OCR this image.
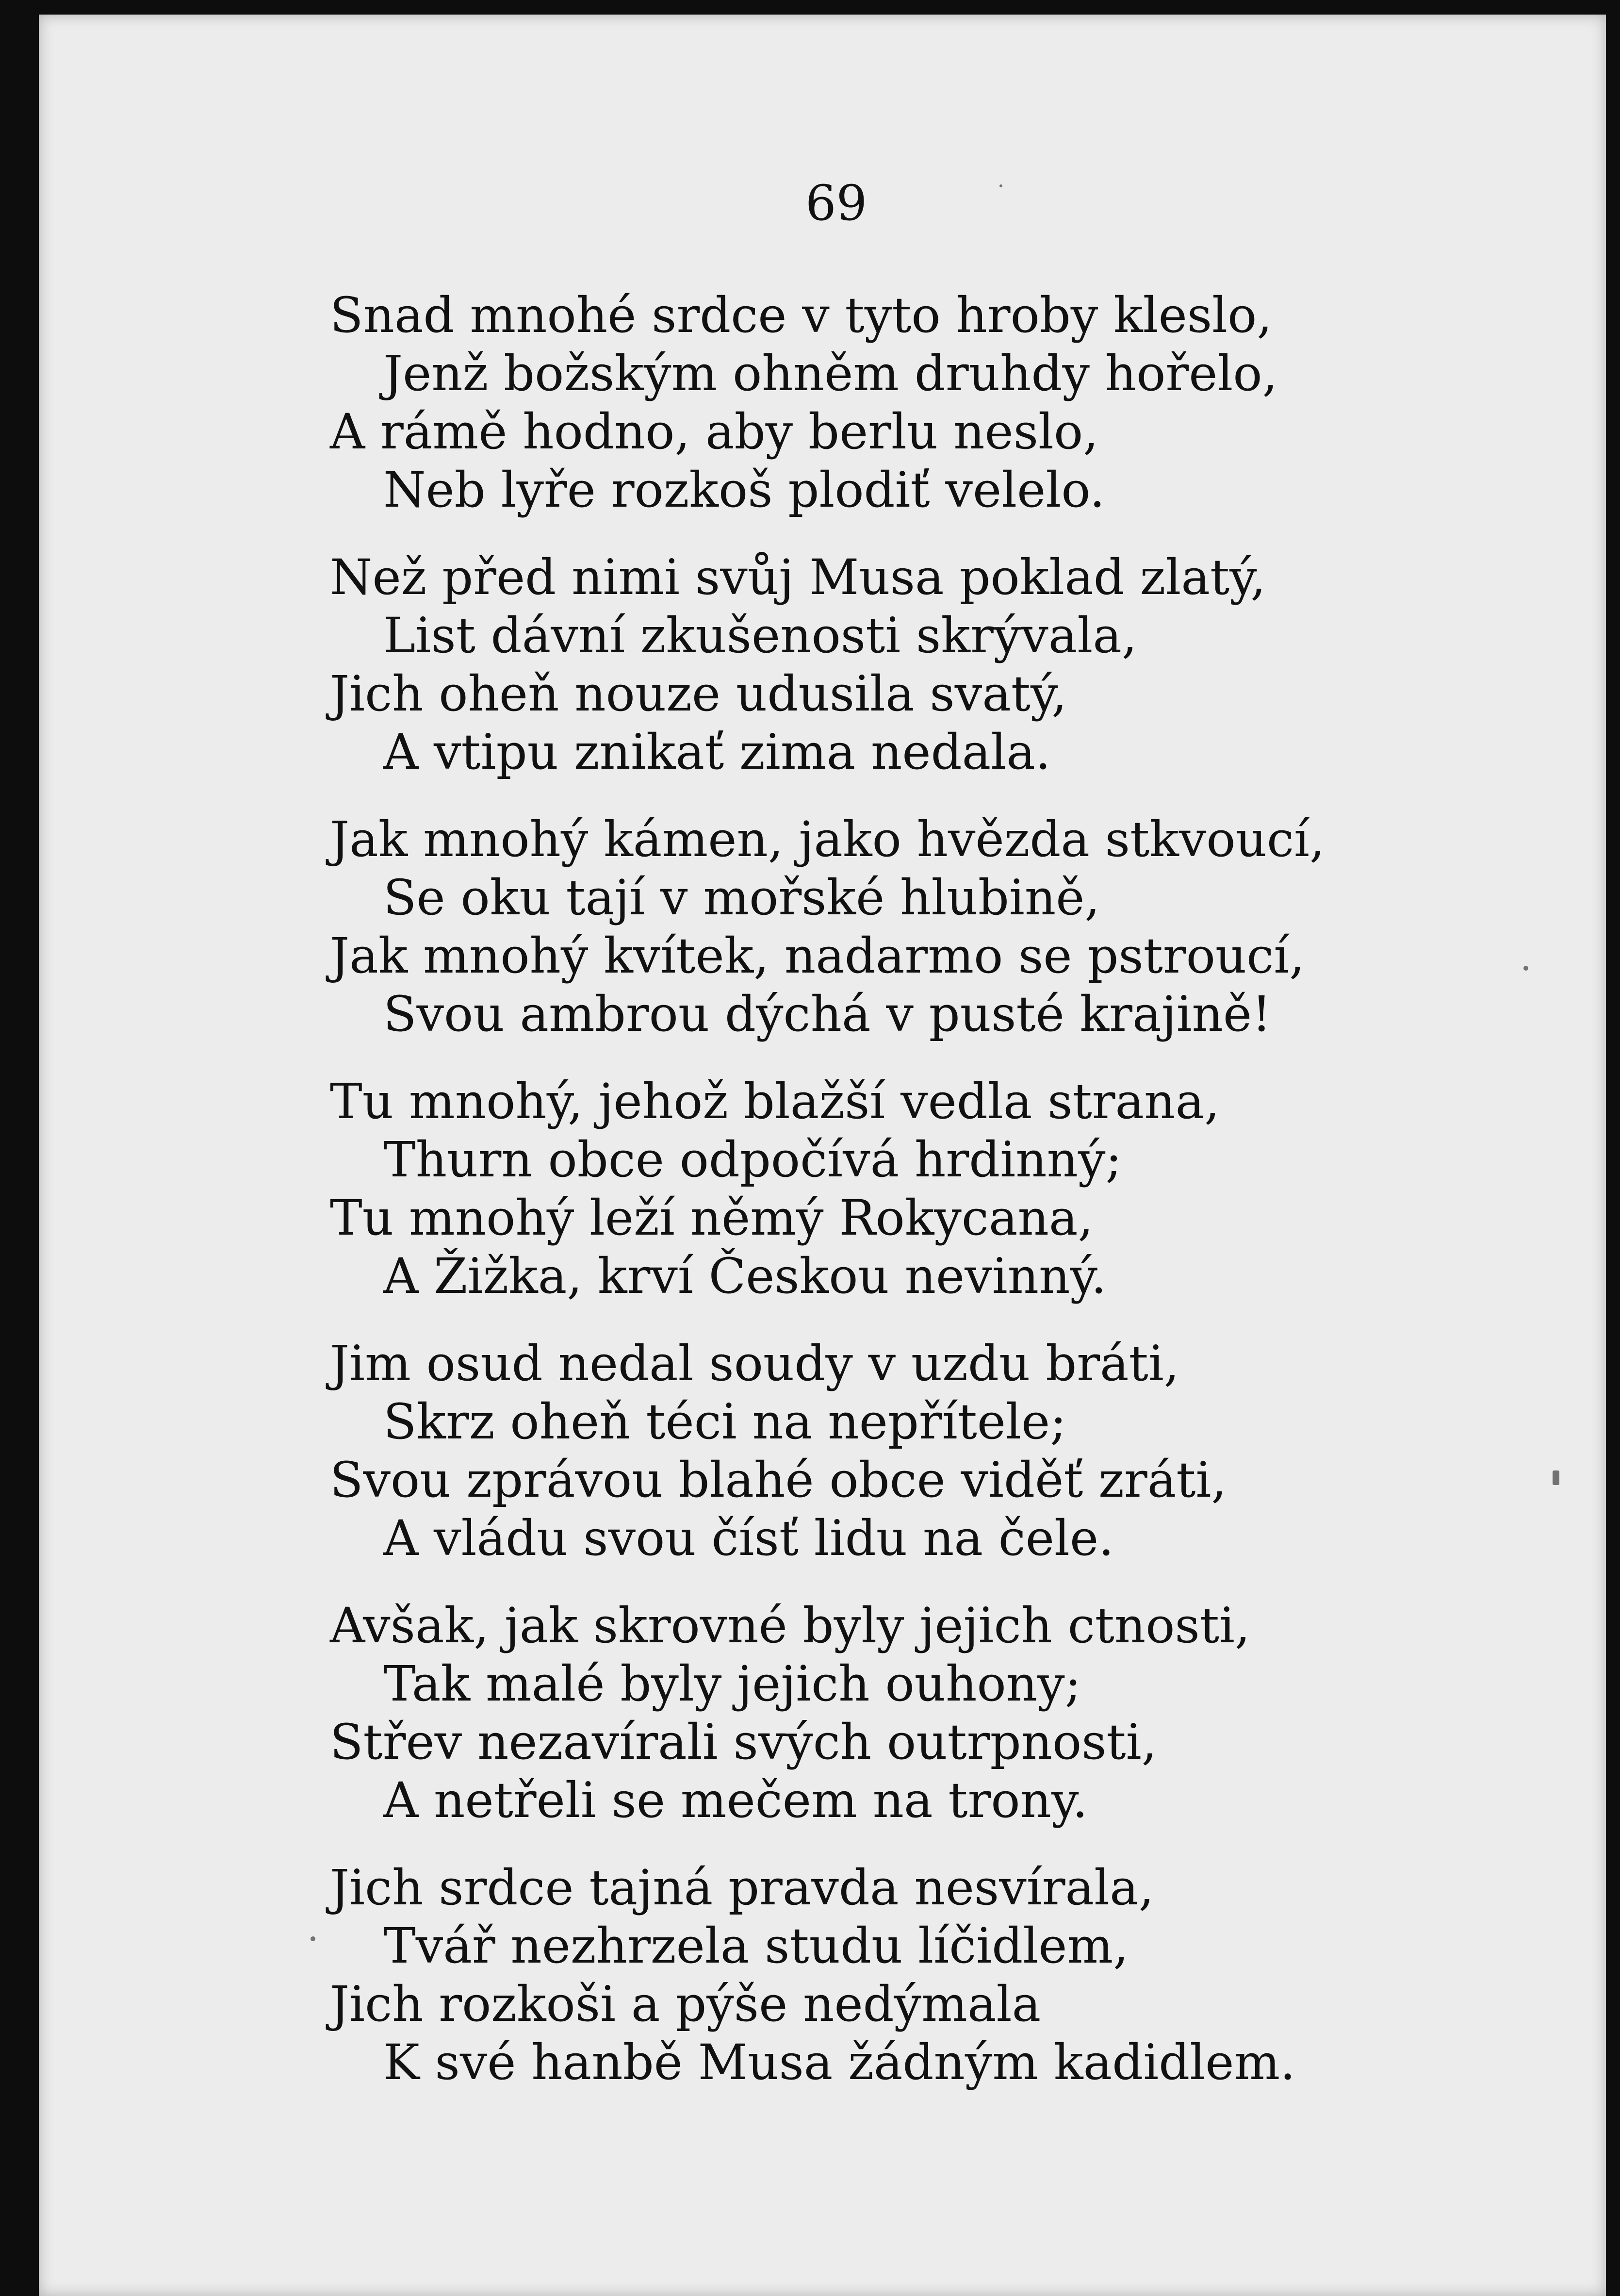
69
Snad mnohé srdce v tyto hroby kleslo,
Jenž božským ohněm druhdy hořelo,
A rámě hodno, aby berlu neslo,
Neb lyře rozkoš plodiť velelo.
Než před nimi svůj Musa poklad zlatý,
List dávní zkušenosti skrývala,
Jich oheň nouze udusila svatý,
A vtipu znikať zima nedala.
Jak mnohý kámen, jako hvězda stkvoucí,
Se oku tají v mořské hlubině,
Jak mnohý kvítek, nadarmo se pstroucí,
Svou ambrou dýchá v pusté krajině!
Tu mnohý, jehož blažší vedla strana,
Thurn obce odpočívá hrdinný;
Tu mnohý leží němý Rokycana,
A Žižka, krví Českou nevinný.
Jim osud nedal soudy v uzdu bráti,
Skrz oheň téci na nepřítele;
Svou zprávou blahé obce viděť zráti,
A vládu svou čísť lidu na čele.
Avšak, jak skrovné byly jejich ctnosti,
Tak malé byly jejich ouhony;
Střev nezavírali svých outrpnosti,
A netřeli se mečem na trony.
Jich srdce tajná pravda nesvírala,
Tvář nezhrzela studu líčidlem,
Jich rozkoši a pýše nedýmala
K své hanbě Musa žádným kadidlem.
